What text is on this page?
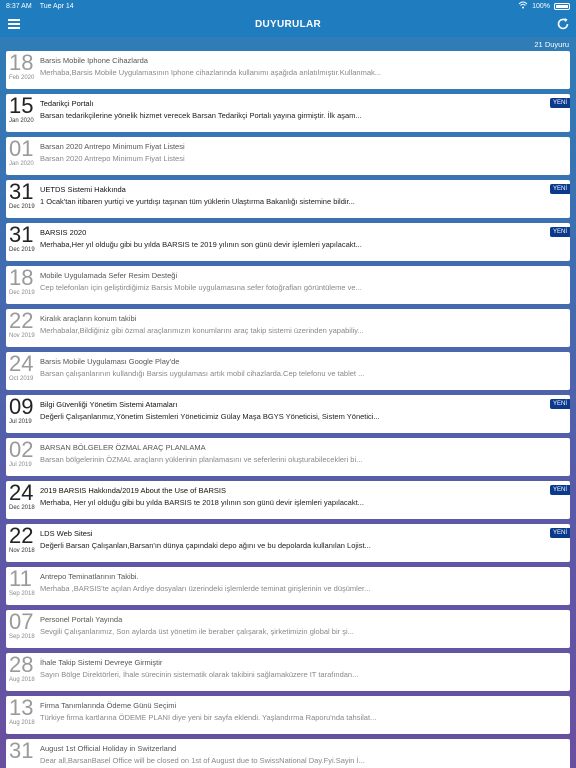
8:37 AM Tue Apr 14	100%
DUYURULAR
21 Duyuru
18
Feb 2020
Barsis Mobile Iphone Cihazlarda
Merhaba,Barsis Mobile Uygulamasının Iphone cihazlarında kullanımı aşağıda anlatılmıştır.Kullanmak...
15
Jan 2020
Tedarikçi Portalı
Barsan tedarikçilerine yönelik hizmet verecek Barsan Tedarikçi Portalı yayına girmiştir. İlk aşam...
YENİ
01
Jan 2020
Barsan 2020 Antrepo Minimum Fiyat Listesi
Barsan 2020 Antrepo Minimum Fiyat Listesi
31
Dec 2019
UETDS Sistemi Hakkında
1 Ocak'tan itibaren yurtiçi ve yurtdışı taşınan tüm yüklerin Ulaştırma Bakanlığı sistemine bildir...
YENİ
31
Dec 2019
BARSIS 2020
Merhaba,Her yıl olduğu gibi bu yılda BARSIS te 2019 yılının son günü devir işlemleri yapılacakt...
YENİ
18
Dec 2019
Mobile Uygulamada Sefer Resim Desteği
Cep telefonları için geliştirdiğimiz Barsis Mobile uygulamasına sefer fotoğrafları görüntüleme ve...
22
Nov 2019
Kiralık araçların konum takibi
Merhabalar,Bildiğiniz gibi özmal araçlarımızın konumlarını araç takip sistemi üzerinden yapabiliy...
24
Oct 2019
Barsis Mobile Uygulaması Google Play'de
Barsan çalışanlarının kullandığı Barsis uygulaması artık mobil cihazlarda.Cep telefonu ve tablet ...
09
Jul 2019
Bilgi Güvenliği Yönetim Sistemi Atamaları
Değerli Çalışanlarımız,Yönetim Sistemleri Yöneticimiz Gülay Maşa BGYS Yöneticisi, Sistem Yönetici...
YENİ
02
Jul 2019
BARSAN BÖLGELER ÖZMAL ARAÇ PLANLAMA
Barsan bölgelerinin ÖZMAL araçların yüklerinin planlamasını ve seferlerini oluşturabilecekleri bi...
24
Dec 2018
2019 BARSIS Hakkında/2019 About the Use of BARSIS
Merhaba, Her yıl olduğu gibi bu yılda BARSIS te 2018 yılının son günü devir işlemleri yapılacakt...
YENİ
22
Nov 2018
LDS Web Sitesi
Değerli Barsan Çalışanları,Barsan'ın dünya çapındaki depo ağını ve bu depolarda kullanılan Lojist...
YENİ
11
Sep 2018
Antrepo Teminatlarının Takibi.
Merhaba ,BARSIS'te açılan Ardiye dosyaları üzerindeki işlemlerde teminat girişlerinin ve düşümler...
07
Sep 2018
Personel Portalı Yayında
Sevgili Çalışanlarımız, Son aylarda üst yönetim ile beraber çalışarak, şirketimizin global bir şi...
28
Aug 2018
İhale Takip Sistemi Devreye Girmiştir
Sayın Bölge Direktörleri, İhale sürecinin sistematik olarak takibini sağlamaküzere IT tarafından...
13
Aug 2018
Firma Tanımlarında Ödeme Günü Seçimi
Türkiye firma kartlarına ÖDEME PLANI diye yeni bir sayfa eklendi. Yaşlandırma Raporu'nda tahsilat...
31 August 1st Official Holiday in Switzerland
Dear all,BarsanBasel Office will be closed on 1st of August due to SwissNational Day.Fyi.Sayin İ...
